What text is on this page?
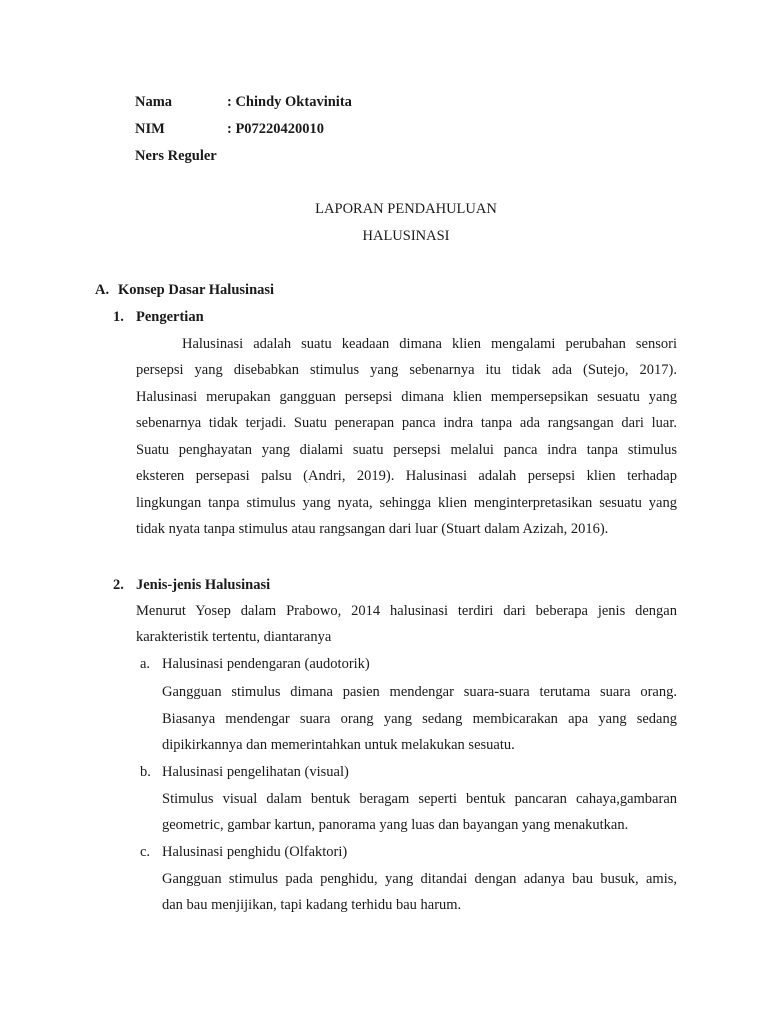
Nama	: Chindy Oktavinita
NIM	: P07220420010
Ners Reguler
LAPORAN PENDAHULUAN
HALUSINASI
A. Konsep Dasar Halusinasi
1. Pengertian
Halusinasi adalah suatu keadaan dimana klien mengalami perubahan sensori
persepsi yang disebabkan stimulus yang sebenarnya itu tidak ada (Sutejo, 2017).
Halusinasi merupakan gangguan persepsi dimana klien mempersepsikan sesuatu yang
sebenarnya tidak terjadi. Suatu penerapan panca indra tanpa ada rangsangan dari luar.
Suatu penghayatan yang dialami suatu persepsi melalui panca indra tanpa stimulus
eksteren persepasi palsu (Andri, 2019). Halusinasi adalah persepsi klien terhadap
lingkungan tanpa stimulus yang nyata, sehingga klien menginterpretasikan sesuatu yang
tidak nyata tanpa stimulus atau rangsangan dari luar (Stuart dalam Azizah, 2016).
2. Jenis-jenis Halusinasi
Menurut Yosep dalam Prabowo, 2014 halusinasi terdiri dari beberapa jenis dengan
karakteristik tertentu, diantaranya
a. Halusinasi pendengaran (audotorik)
Gangguan stimulus dimana pasien mendengar suara-suara terutama suara orang.
Biasanya mendengar suara orang yang sedang membicarakan apa yang sedang
dipikirkannya dan memerintahkan untuk melakukan sesuatu.
b. Halusinasi pengelihatan (visual)
Stimulus visual dalam bentuk beragam seperti bentuk pancaran cahaya,gambaran
geometric, gambar kartun, panorama yang luas dan bayangan yang menakutkan.
c. Halusinasi penghidu (Olfaktori)
Gangguan stimulus pada penghidu, yang ditandai dengan adanya bau busuk, amis,
dan bau menjijikan, tapi kadang terhidu bau harum.
